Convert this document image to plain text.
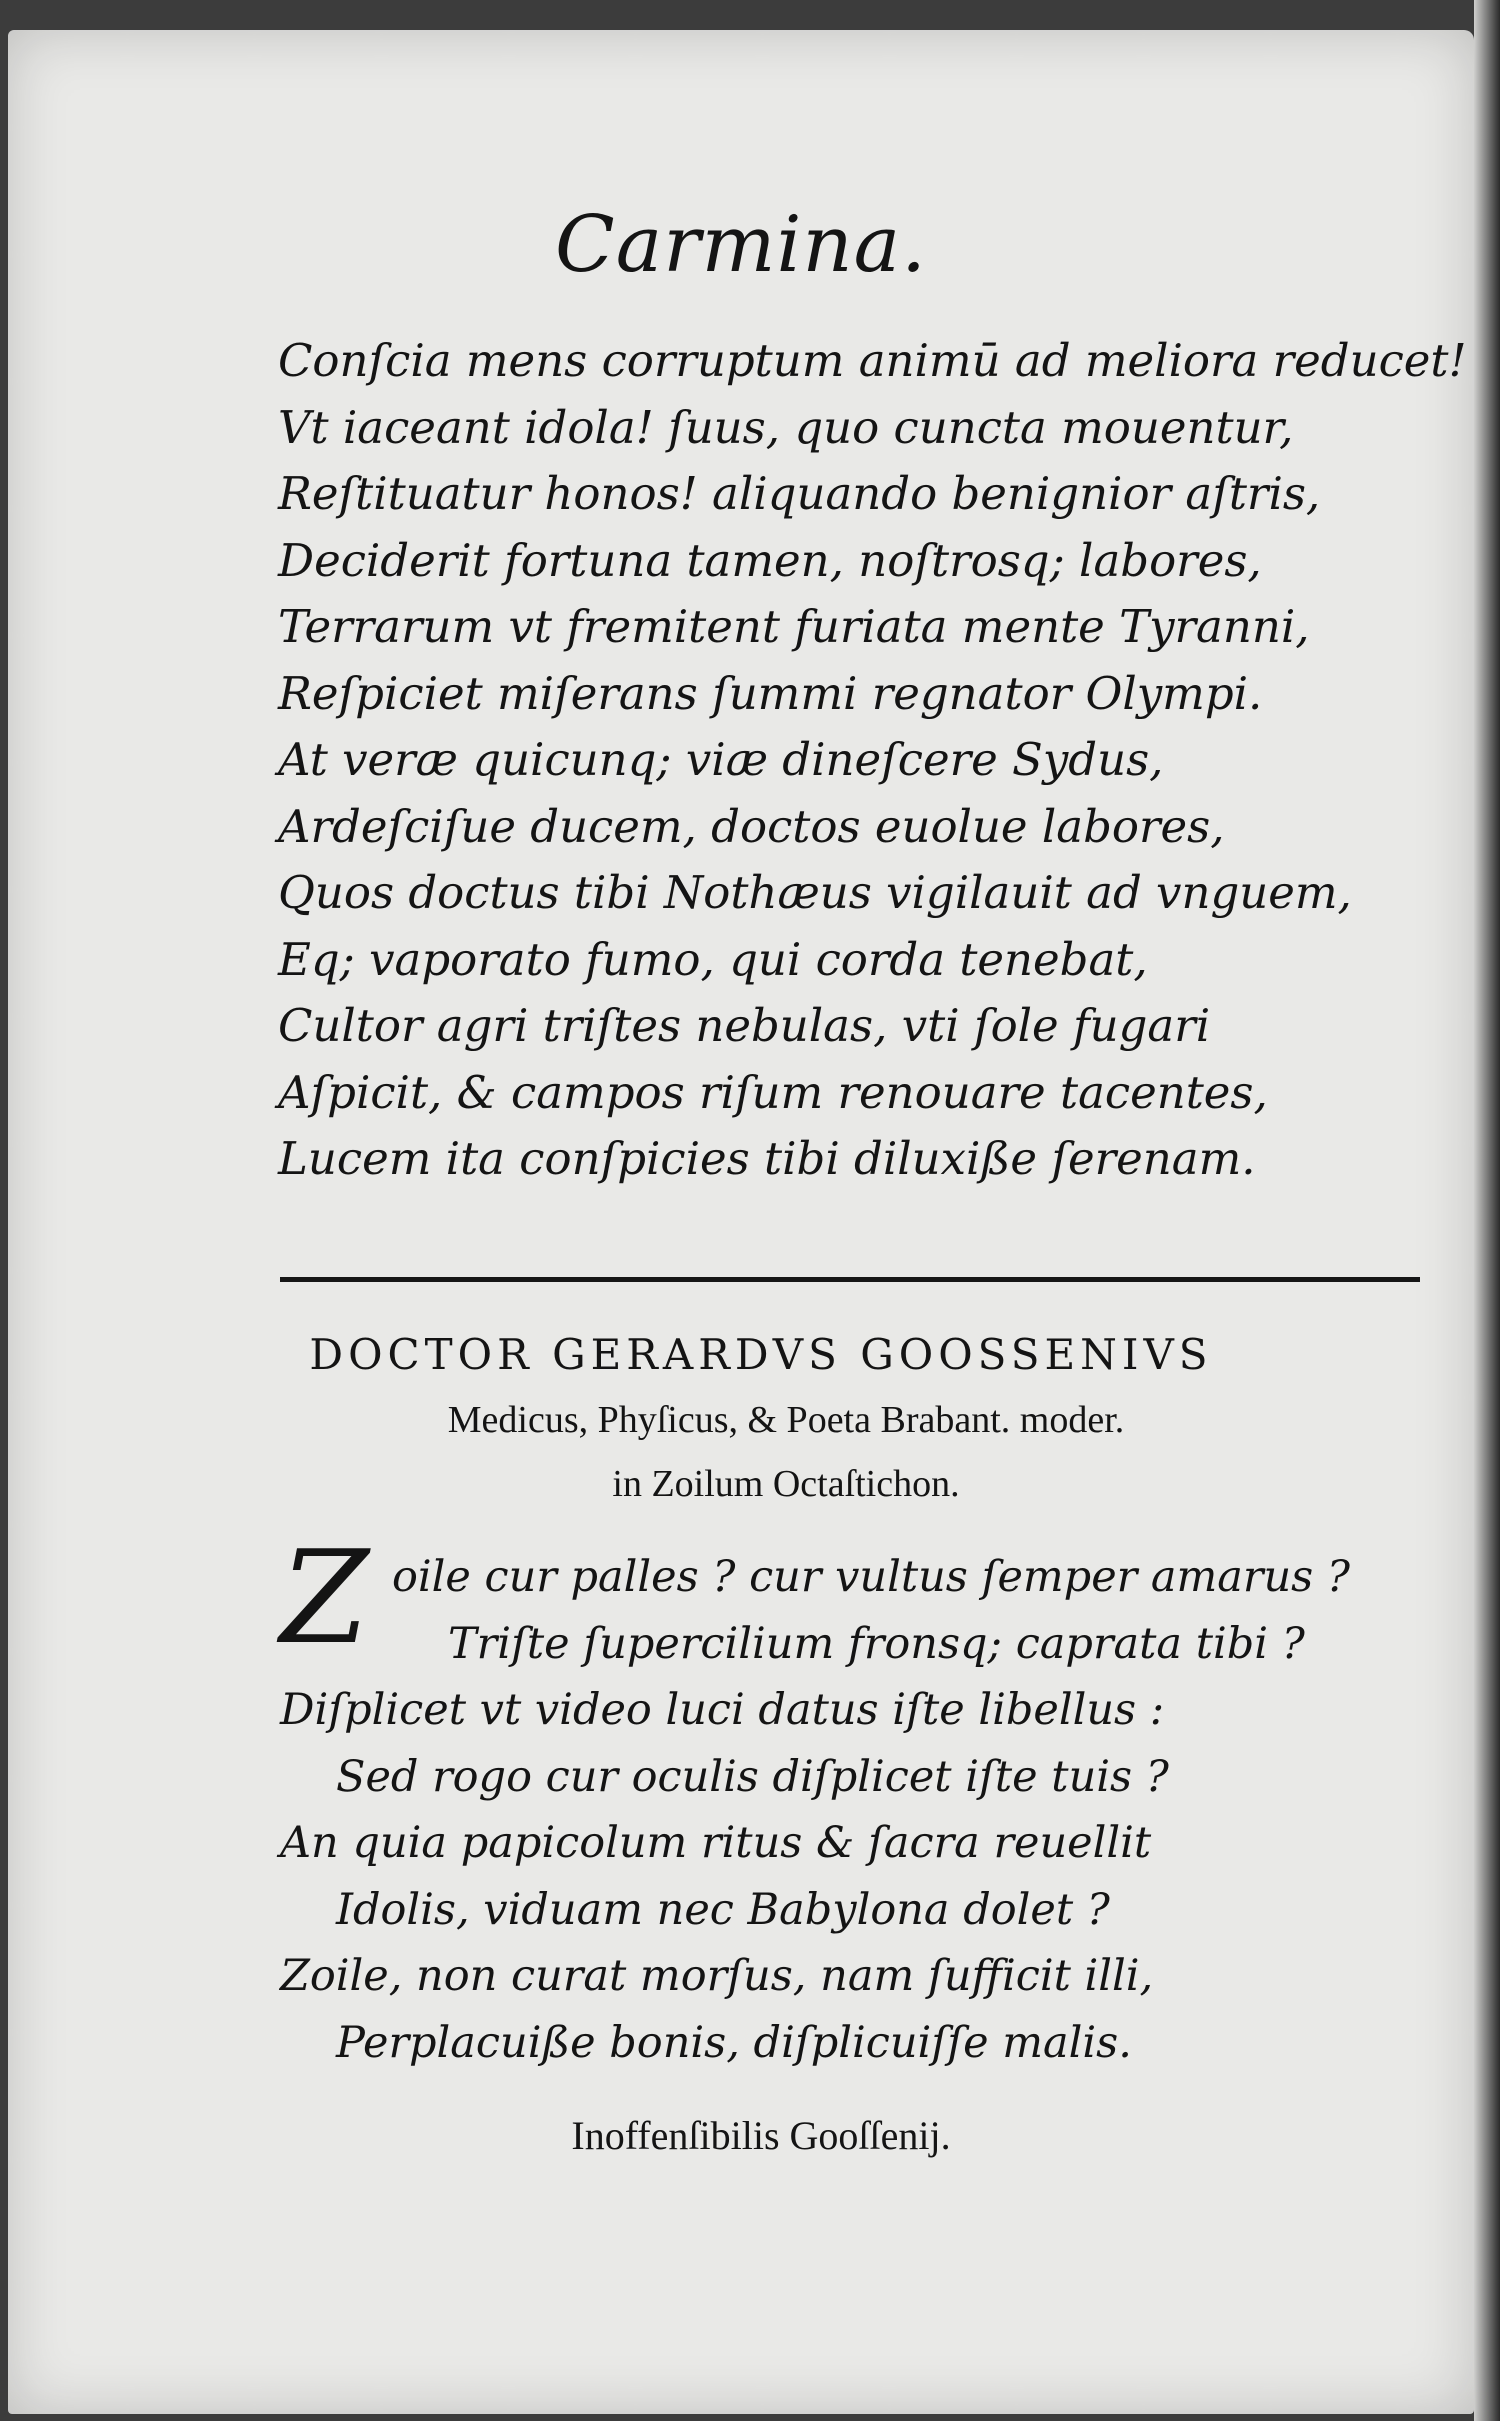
Carmina.
Conſcia mens corruptum animū ad meliora reducet!
Vt iaceant idola! ſuus, quo cuncta mouentur,
Reſtituatur honos! aliquando benignior aſtris,
Deciderit fortuna tamen, noſtrosq; labores,
Terrarum vt fremitent furiata mente Tyranni,
Reſpiciet miſerans ſummi regnator Olympi.
At veræ quicunq; viæ dineſcere Sydus,
Ardeſciſue ducem, doctos euolue labores,
Quos doctus tibi Nothæus vigilauit ad vnguem,
Eq; vaporato fumo, qui corda tenebat,
Cultor agri triſtes nebulas, vti ſole fugari
Aſpicit, & campos riſum renouare tacentes,
Lucem ita conſpicies tibi diluxiße ſerenam.
DOCTOR GERARDVS GOOSSENIVS

Medicus, Phyſicus, & Poeta Brabant. moder.

in Zoilum Octaſtichon.

Z oile cur palles ? cur vultus ſemper amarus ?
Triſte ſupercilium fronsq; caprata tibi ?
Diſplicet vt video luci datus iſte libellus :
Sed rogo cur oculis diſplicet iſte tuis ?
An quia papicolum ritus & ſacra reuellit
Idolis, viduam nec Babylona dolet ?
Zoile, non curat morſus, nam ſufficit illi,
Perplacuiße bonis, diſplicuiſſe malis.

Inoffenſibilis Gooſſenij.
